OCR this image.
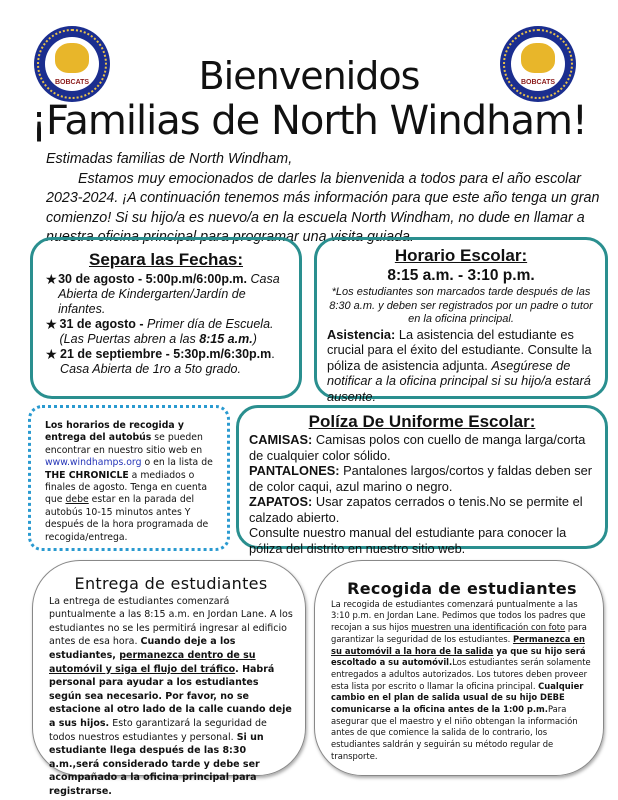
BOBCATS	BOBCATS
Bienvenidos
¡Familias de North Windham!

Estimadas familias de North Windham,

Estamos muy emocionados de darles la bienvenida a todos para el año escolar 2023-2024. ¡A continuación tenemos más información para que este año tenga un gran comienzo! Si su hijo/a es nuevo/a en la escuela North Windham, no dude en llamar a nuestra oficina principal para programar una visita guiada.

Separa las Fechas:
★ 30 de agosto - 5:00p.m/6:00p.m. Casa Abierta de Kindergarten/Jardín de infantes.
★ 31 de agosto - Primer día de Escuela. (Las Puertas abren a las 8:15 a.m.)
★ 21 de septiembre - 5:30p.m/6:30p.m. Casa Abierta de 1ro a 5to grado.
Horario Escolar:
8:15 a.m. - 3:10 p.m.
*Los estudiantes son marcados tarde después de las 8:30 a.m. y deben ser registrados por un padre o tutor en la oficina principal.
Asistencia: La asistencia del estudiante es crucial para el éxito del estudiante. Consulte la póliza de asistencia adjunta. Asegúrese de notificar a la oficina principal si su hijo/a estará ausente.
Los horarios de recogida y entrega del autobús se pueden encontrar en nuestro sitio web en www.windhamps.org o en la lista de THE CHRONICLE a mediados o finales de agosto. Tenga en cuenta que debe estar en la parada del autobús 10-15 minutos antes Y después de la hora programada de recogida/entrega.
Políza De Uniforme Escolar:
CAMISAS: Camisas polos con cuello de manga larga/corta de cualquier color sólido.
PANTALONES: Pantalones largos/cortos y faldas deben ser de color caqui, azul marino o negro.
ZAPATOS: Usar zapatos cerrados o tenis.No se permite el calzado abierto.
Consulte nuestro manual del estudiante para conocer la póliza del distrito en nuestro sitio web.
Entrega de estudiantes
La entrega de estudiantes comenzará puntualmente a las 8:15 a.m. en Jordan Lane. A los estudiantes no se les permitirá ingresar al edificio antes de esa hora. Cuando deje a los estudiantes, permanezca dentro de su automóvil y siga el flujo del tráfico. Habrá personal para ayudar a los estudiantes según sea necesario. Por favor, no se estacione al otro lado de la calle cuando deje a sus hijos. Esto garantizará la seguridad de todos nuestros estudiantes y personal. Si un estudiante llega después de las 8:30 a.m.,será considerado tarde y debe ser acompañado a la oficina principal para registrarse.
Recogida de estudiantes
La recogida de estudiantes comenzará puntualmente a las 3:10 p.m. en Jordan Lane. Pedimos que todos los padres que recojan a sus hijos muestren una identificación con foto para garantizar la seguridad de los estudiantes. Permanezca en su automóvil a la hora de la salida ya que su hijo será escoltado a su automóvil.Los estudiantes serán solamente entregados a adultos autorizados. Los tutores deben proveer esta lista por escrito o llamar la oficina principal. Cualquier cambio en el plan de salida usual de su hijo DEBE comunicarse a la oficina antes de la 1:00 p.m.Para asegurar que el maestro y el niño obtengan la información antes de que comience la salida de lo contrario, los estudiantes saldrán y seguirán su método regular de transporte.
